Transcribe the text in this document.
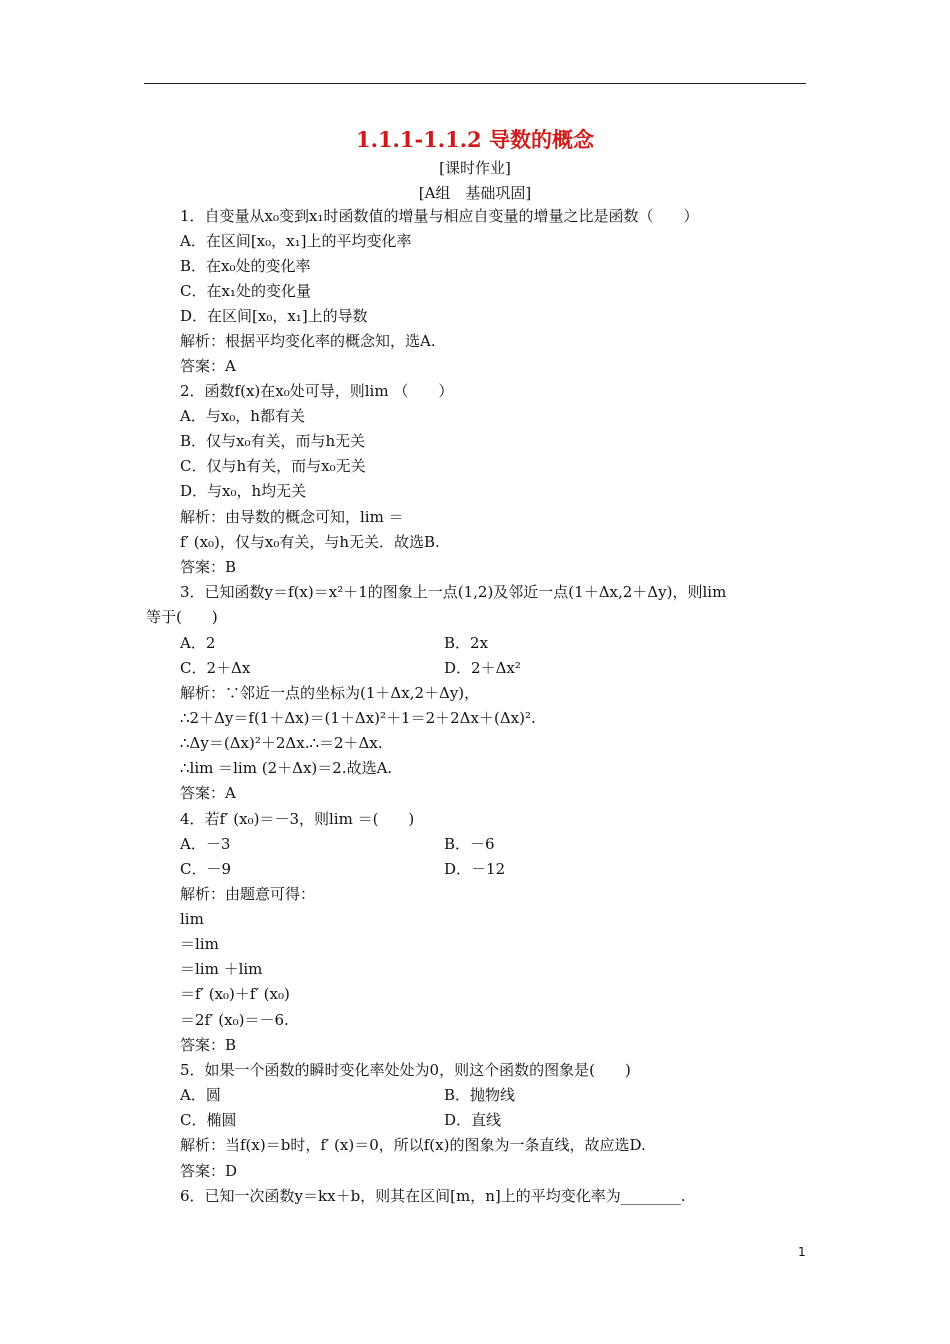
1.1.1-1.1.2 导数的概念
[课时作业]
[A组　基础巩固]
1．自变量从x₀变到x₁时函数值的增量与相应自变量的增量之比是函数（　　）
A．在区间[x₀，x₁]上的平均变化率
B．在x₀处的变化率
C．在x₁处的变化量
D．在区间[x₀，x₁]上的导数
解析：根据平均变化率的概念知，选A.
答案：A
2．函数f(x)在x₀处可导，则lim （　　）
A．与x₀，h都有关
B．仅与x₀有关，而与h无关
C．仅与h有关，而与x₀无关
D．与x₀，h均无关
解析：由导数的概念可知，lim ＝
f′ (x₀)，仅与x₀有关，与h无关．故选B.
答案：B
3．已知函数y＝f(x)＝x²＋1的图象上一点(1,2)及邻近一点(1＋Δx,2＋Δy)，则lim
等于(　　)
A．2	B．2x
C．2＋Δx	D．2＋Δx²
解析：∵邻近一点的坐标为(1＋Δx,2＋Δy)，
∴2＋Δy＝f(1＋Δx)＝(1＋Δx)²＋1＝2＋2Δx＋(Δx)².
∴Δy＝(Δx)²＋2Δx.∴＝2＋Δx.
∴lim ＝lim (2＋Δx)＝2.故选A.
答案：A
4．若f′ (x₀)＝－3，则lim ＝(　　)
A．－3	B．－6
C．－9	D．－12
解析：由题意可得：
lim
＝lim
＝lim ＋lim
＝f′ (x₀)＋f′ (x₀)
＝2f′ (x₀)＝－6.
答案：B
5．如果一个函数的瞬时变化率处处为0，则这个函数的图象是(　　)
A．圆	B．抛物线
C．椭圆	D．直线
解析：当f(x)＝b时，f′ (x)＝0，所以f(x)的图象为一条直线，故应选D.
答案：D
6．已知一次函数y＝kx＋b，则其在区间[m，n]上的平均变化率为________.
1
